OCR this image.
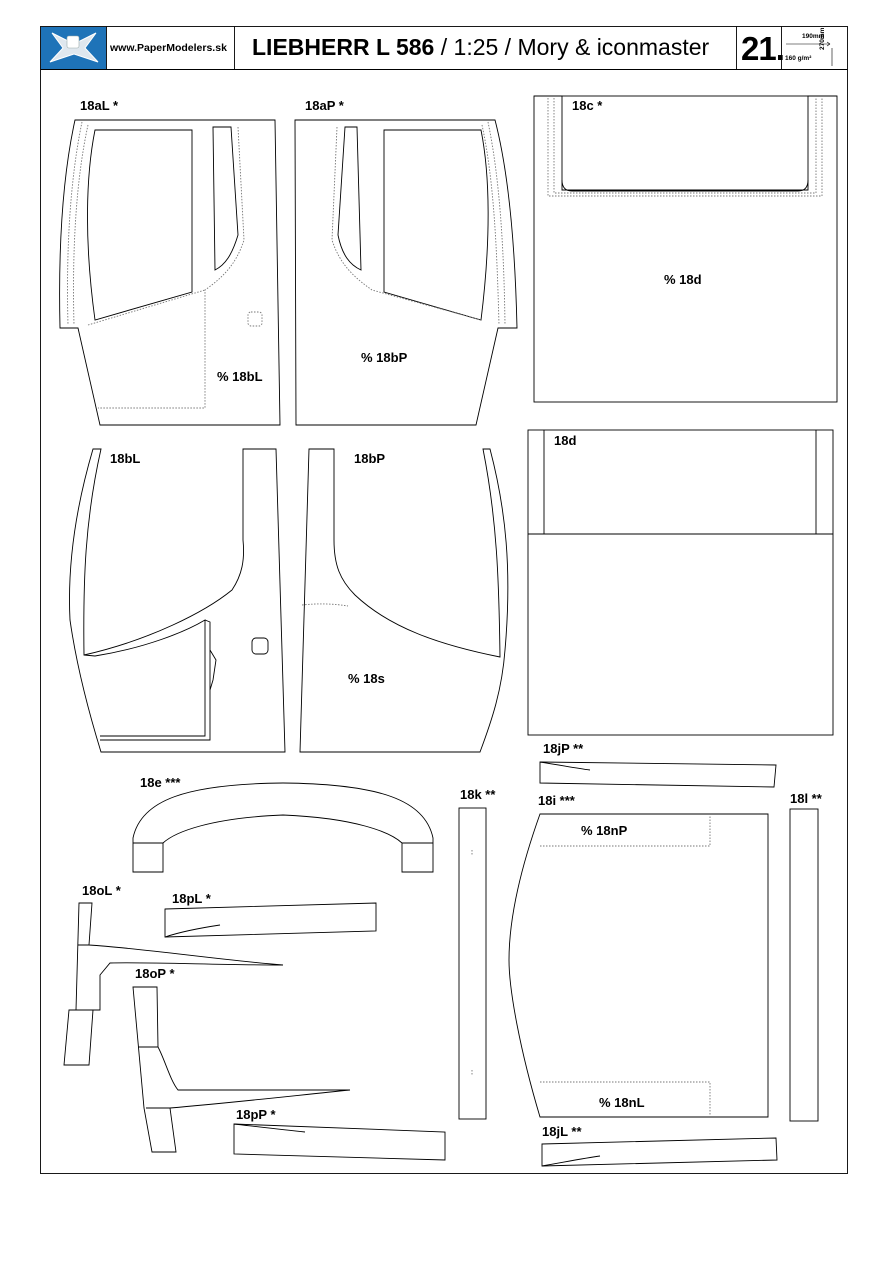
www.PaperModelers.sk LIEBHERR L 586 / 1:25 / Mory & iconmaster 21.	190mm
160 g/m²
270mm
18aL *	18aP *	18c *
% 18d
% 18bL
% 18bP
18bL	18bP
18d
% 18s
18jP **
18e ***
18k **	18i ***	18l **
% 18nP
% 18nL
18oL *
18pL *
18oP *
18pP *
18jL **
